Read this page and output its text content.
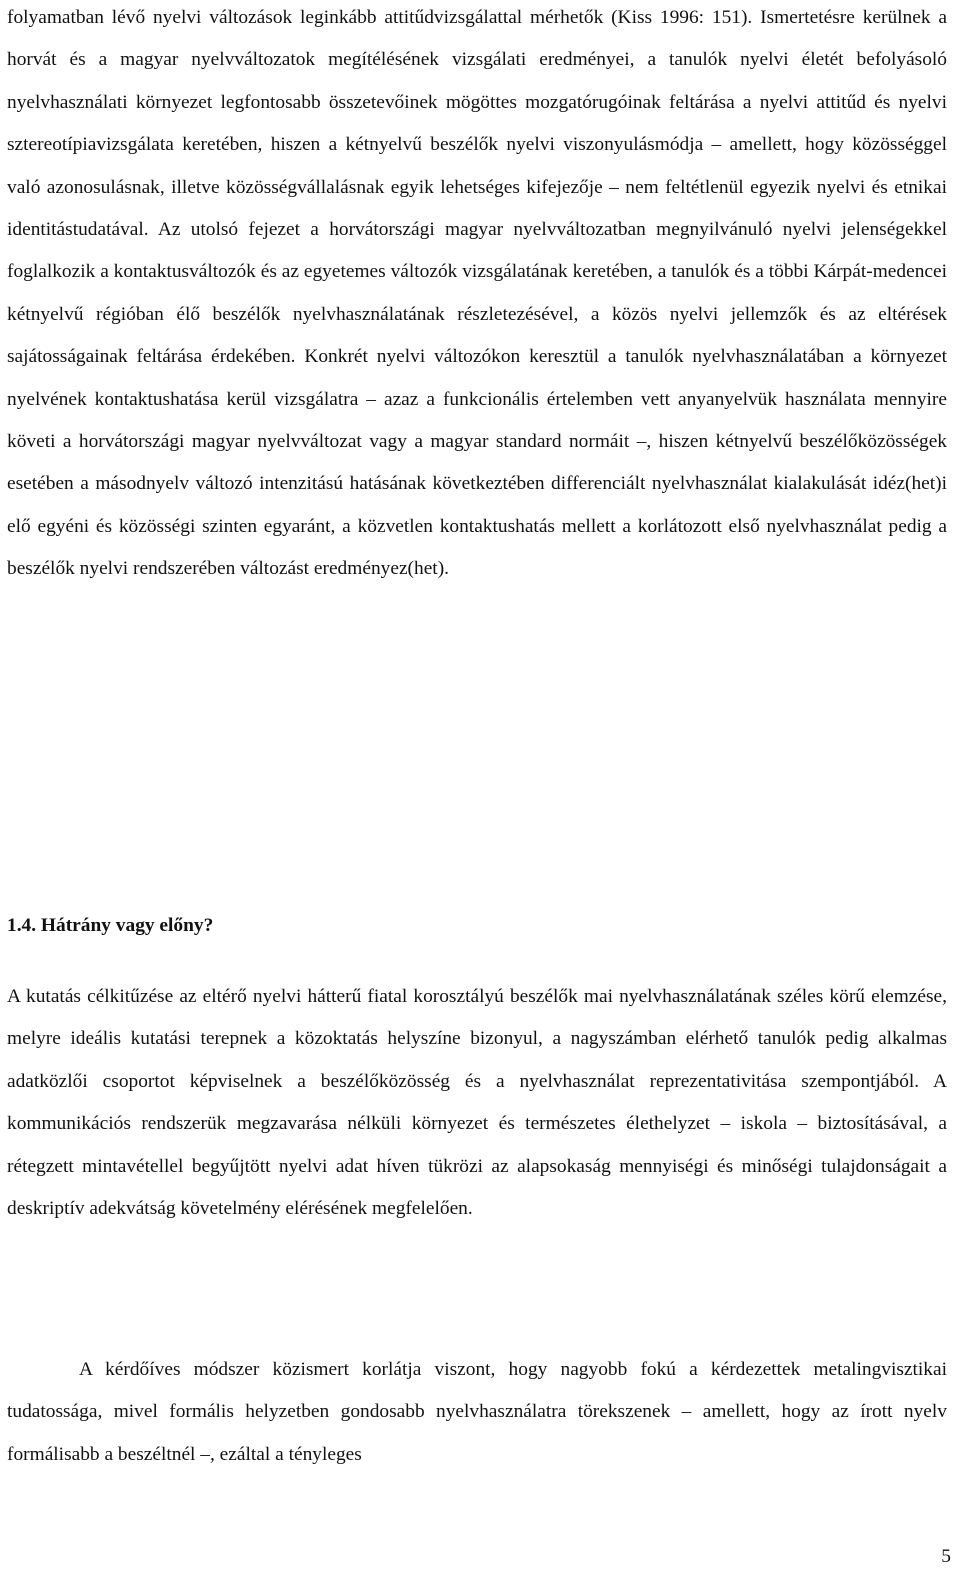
folyamatban lévő nyelvi változások leginkább attitűdvizsgálattal mérhetők (Kiss 1996: 151). Ismertetésre kerülnek a horvát és a magyar nyelvváltozatok megítélésének vizsgálati eredményei, a tanulók nyelvi életét befolyásoló nyelvhasználati környezet legfontosabb összetevőinek mögöttes mozgatórugóinak feltárása a nyelvi attitűd és nyelvi sztereotípiavizsgálata keretében, hiszen a kétnyelvű beszélők nyelvi viszonyulásmódja – amellett, hogy közösséggel való azonosulásnak, illetve közösségvállalásnak egyik lehetséges kifejezője – nem feltétlenül egyezik nyelvi és etnikai identitástudatával. Az utolsó fejezet a horvátországi magyar nyelvváltozatban megnyilvánuló nyelvi jelenségekkel foglalkozik a kontaktusváltozók és az egyetemes változók vizsgálatának keretében, a tanulók és a többi Kárpát-medencei kétnyelvű régióban élő beszélők nyelvhasználatának részletezésével, a közös nyelvi jellemzők és az eltérések sajátosságainak feltárása érdekében. Konkrét nyelvi változókon keresztül a tanulók nyelvhasználatában a környezet nyelvének kontaktushatása kerül vizsgálatra – azaz a funkcionális értelemben vett anyanyelvük használata mennyire követi a horvátországi magyar nyelvváltozat vagy a magyar standard normáit –, hiszen kétnyelvű beszélőközösségek esetében a másodnyelv változó intenzitású hatásának következtében differenciált nyelvhasználat kialakulását idéz(het)i elő egyéni és közösségi szinten egyaránt, a közvetlen kontaktushatás mellett a korlátozott első nyelvhasználat pedig a beszélők nyelvi rendszerében változást eredményez(het).

1.4. Hátrány vagy előny?

A kutatás célkitűzése az eltérő nyelvi hátterű fiatal korosztályú beszélők mai nyelvhasználatának széles körű elemzése, melyre ideális kutatási terepnek a közoktatás helyszíne bizonyul, a nagyszámban elérhető tanulók pedig alkalmas adatközlői csoportot képviselnek a beszélőközösség és a nyelvhasználat reprezentativitása szempontjából. A kommunikációs rendszerük megzavarása nélküli környezet és természetes élethelyzet – iskola – biztosításával, a rétegzett mintavétellel begyűjtött nyelvi adat híven tükrözi az alapsokaság mennyiségi és minőségi tulajdonságait a deskriptív adekvátság követelmény elérésének megfelelően.

A kérdőíves módszer közismert korlátja viszont, hogy nagyobb fokú a kérdezettek metalingvisztikai tudatossága, mivel formális helyzetben gondosabb nyelvhasználatra törekszenek – amellett, hogy az írott nyelv formálisabb a beszéltnél –, ezáltal a tényleges

5
